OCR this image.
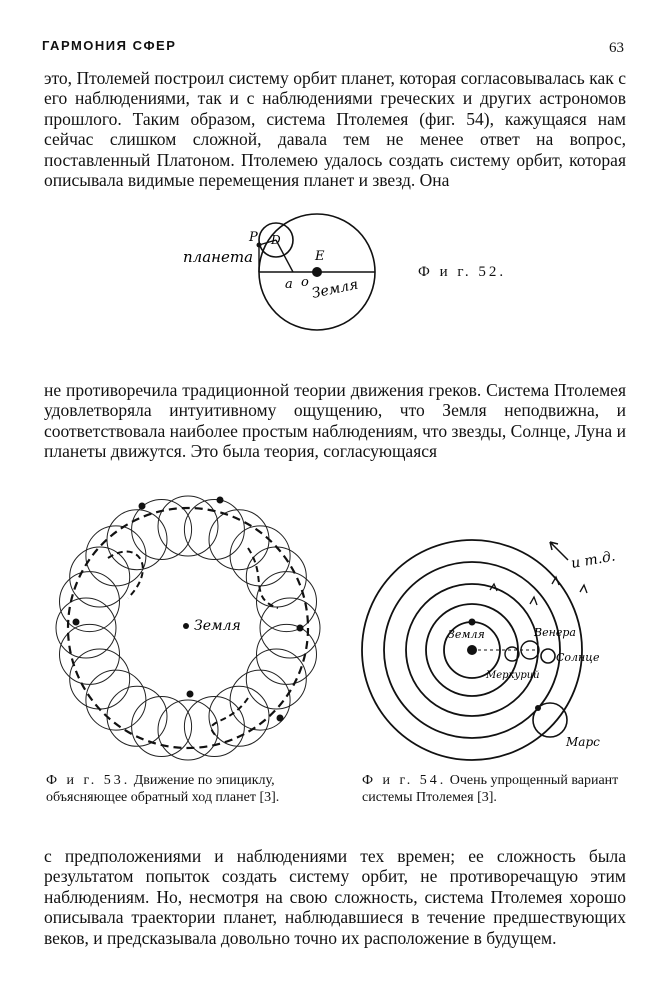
ГАРМОНИЯ СФЕР	63

это, Птолемей построил систему орбит планет, которая согласовывалась как с его наблюдениями, так и с наблюдениями греческих и других астрономов прошлого. Таким образом, система Птолемея (фиг. 54), кажущаяся нам сейчас слишком сложной, давала тем не менее ответ на вопрос, поставленный Платоном. Птолемею удалось создать систему орбит, которая описывала видимые перемещения планет и звезд. Она

P D
E
планета
a o Земля
Ф и г. 52.

не противоречила традиционной теории движения греков. Система Птолемея удовлетворяла интуитивному ощущению, что Земля неподвижна, и соответствовала наиболее простым наблюдениям, что звезды, Солнце, Луна и планеты движутся. Это была теория, согласующаяся

Земля
Ф и г. 53. Движение по эпициклу, объясняющее обратный ход планет [3].
и т.д.
Земля	Венера
Солнце
Меркурий
Марс
Ф и г. 54. Очень упрощенный вариант системы Птолемея [3].

с предположениями и наблюдениями тех времен; ее сложность была результатом попыток создать систему орбит, не противоречащую этим наблюдениям. Но, несмотря на свою сложность, система Птолемея хорошо описывала траектории планет, наблюдавшиеся в течение предшествующих веков, и предсказывала довольно точно их расположение в будущем.
